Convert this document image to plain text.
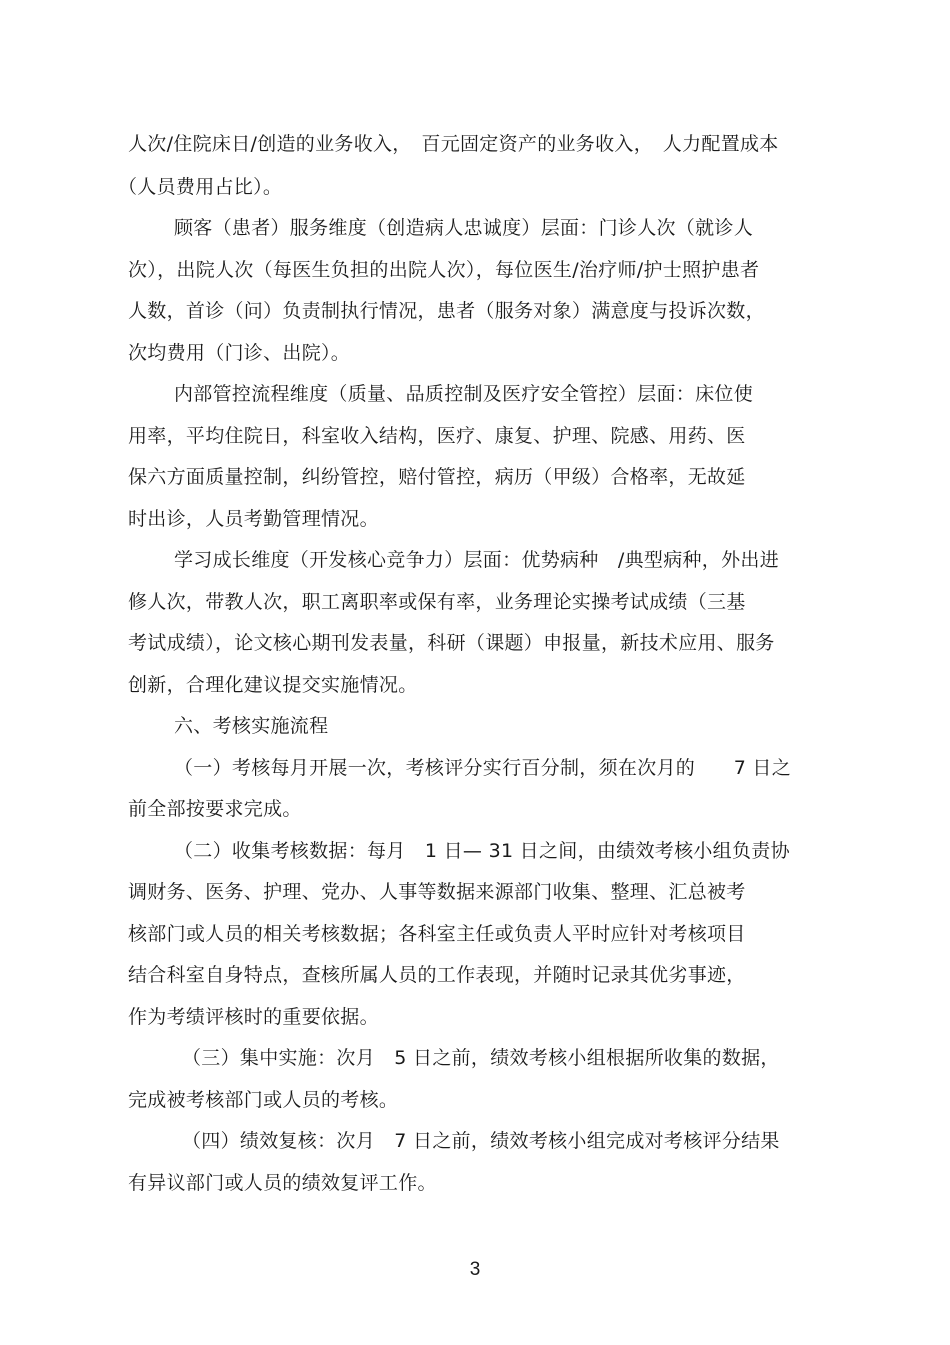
人次/住院床日/创造的业务收入，　百元固定资产的业务收入，　人力配置成本
（人员费用占比）。
顾客（患者）服务维度（创造病人忠诚度）层面：门诊人次（就诊人
次），出院人次（每医生负担的出院人次），每位医生/治疗师/护士照护患者
人数，首诊（问）负责制执行情况，患者（服务对象）满意度与投诉次数，
次均费用（门诊、出院）。
内部管控流程维度（质量、品质控制及医疗安全管控）层面：床位使
用率，平均住院日，科室收入结构，医疗、康复、护理、院感、用药、医
保六方面质量控制，纠纷管控，赔付管控，病历（甲级）合格率，无故延
时出诊，人员考勤管理情况。
学习成长维度（开发核心竞争力）层面：优势病种　/典型病种，外出进
修人次，带教人次，职工离职率或保有率，业务理论实操考试成绩（三基
考试成绩），论文核心期刊发表量，科研（课题）申报量，新技术应用、服务
创新，合理化建议提交实施情况。
六、考核实施流程
（一）考核每月开展一次，考核评分实行百分制，须在次月的　　7 日之
前全部按要求完成。
（二）收集考核数据：每月　1 日— 31 日之间，由绩效考核小组负责协
调财务、医务、护理、党办、人事等数据来源部门收集、整理、汇总被考
核部门或人员的相关考核数据；各科室主任或负责人平时应针对考核项目
结合科室自身特点，查核所属人员的工作表现，并随时记录其优劣事迹，
作为考绩评核时的重要依据。
（三）集中实施：次月　5 日之前，绩效考核小组根据所收集的数据，
完成被考核部门或人员的考核。
（四）绩效复核：次月　7 日之前，绩效考核小组完成对考核评分结果
有异议部门或人员的绩效复评工作。
3
